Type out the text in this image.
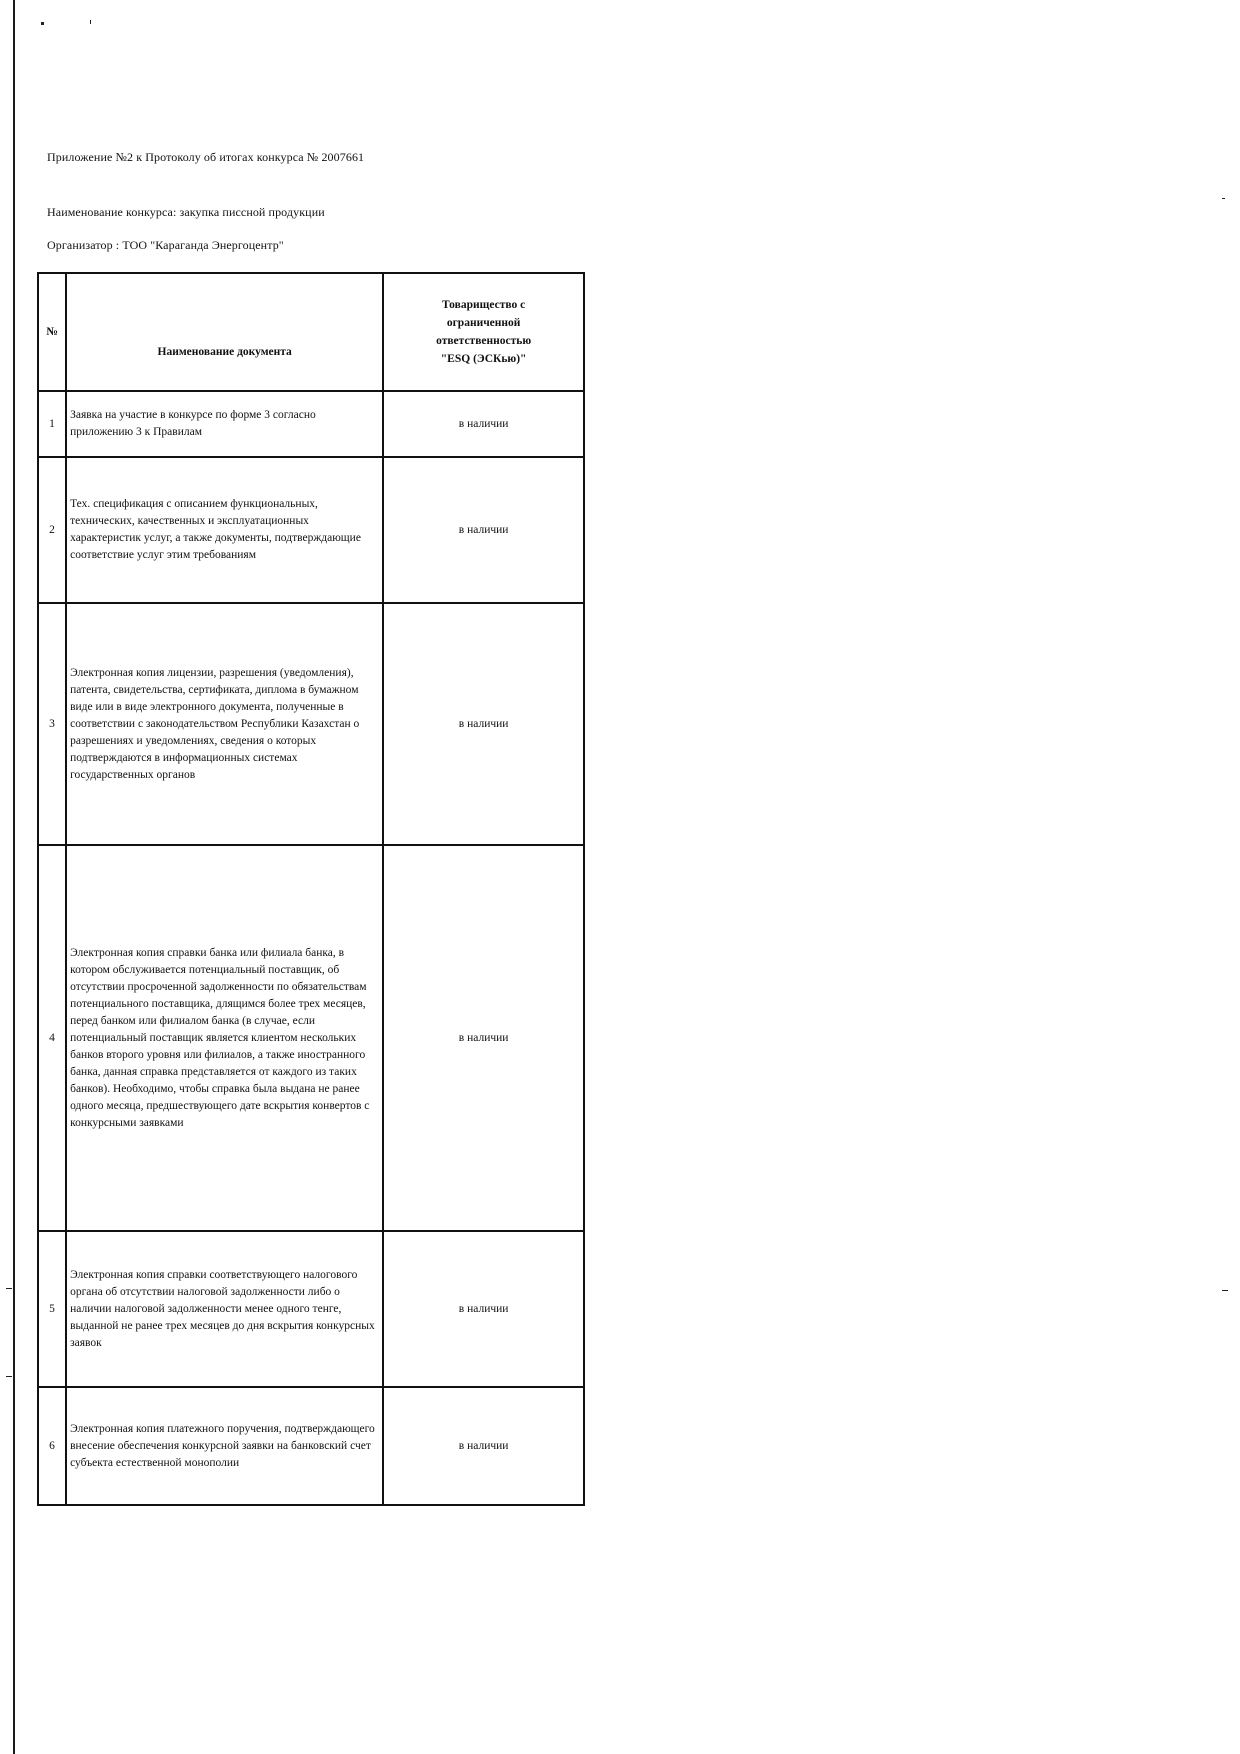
Приложение №2 к Протоколу об итогах конкурса № 2007661
Наименование конкурса: закупка писсной продукции
Организатор : ТОО "Караганда Энергоцентр"
№	Наименование документа	Товарищество с ограниченной ответственностью "ESQ (ЭСКью)"
1	Заявка на участие в конкурсе по форме 3 согласно приложению 3 к Правилам	в наличии
2	Тех. спецификация с описанием функциональных, технических, качественных и эксплуатационных характеристик услуг, а также документы, подтверждающие соответствие услуг этим требованиям	в наличии
3	Электронная копия лицензии, разрешения (уведомления), патента, свидетельства, сертификата, диплома в бумажном виде или в виде электронного документа, полученные в соответствии с законодательством Республики Казахстан о разрешениях и уведомлениях, сведения о которых подтверждаются в информационных системах государственных органов	в наличии
4	Электронная копия справки банка или филиала банка, в котором обслуживается потенциальный поставщик, об отсутствии просроченной задолженности по обязательствам потенциального поставщика, длящимся более трех месяцев, перед банком или филиалом банка (в случае, если потенциальный поставщик является клиентом нескольких банков второго уровня или филиалов, а также иностранного банка, данная справка представляется от каждого из таких банков). Необходимо, чтобы справка была выдана не ранее одного месяца, предшествующего дате вскрытия конвертов с конкурсными заявками	в наличии
5	Электронная копия справки соответствующего налогового органа об отсутствии налоговой задолженности либо о наличии налоговой задолженности менее одного тенге, выданной не ранее трех месяцев до дня вскрытия конкурсных заявок	в наличии
6	Электронная копия платежного поручения, подтверждающего внесение обеспечения конкурсной заявки на банковский счет субъекта естественной монополии	в наличии
